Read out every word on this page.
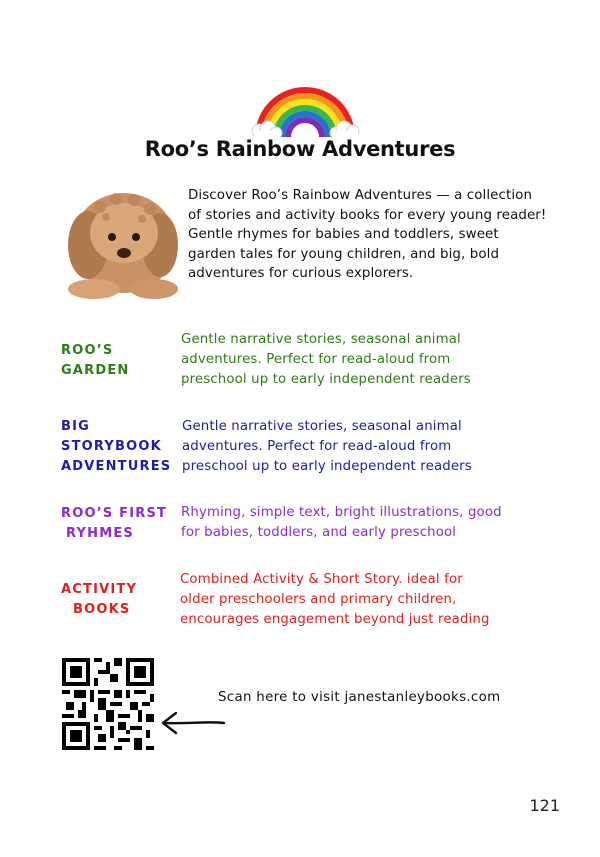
Roo’s Rainbow Adventures
Discover Roo’s Rainbow Adventures — a collection of stories and activity books for every young reader! Gentle rhymes for babies and toddlers, sweet garden tales for young children, and big, bold adventures for curious explorers.
ROO’S
GARDEN
Gentle narrative stories, seasonal animal
adventures. Perfect for read-aloud from
preschool up to early independent readers
BIG
STORYBOOK
ADVENTURES
Gentle narrative stories, seasonal animal
adventures. Perfect for read-aloud from
preschool up to early independent readers
ROO’S FIRST
RYHMES
Rhyming, simple text, bright illustrations, good
for babies, toddlers, and early preschool
ACTIVITY
BOOKS
Combined Activity & Short Story. ideal for
older preschoolers and primary children,
encourages engagement beyond just reading
Scan here to visit janestanleybooks.com
121
